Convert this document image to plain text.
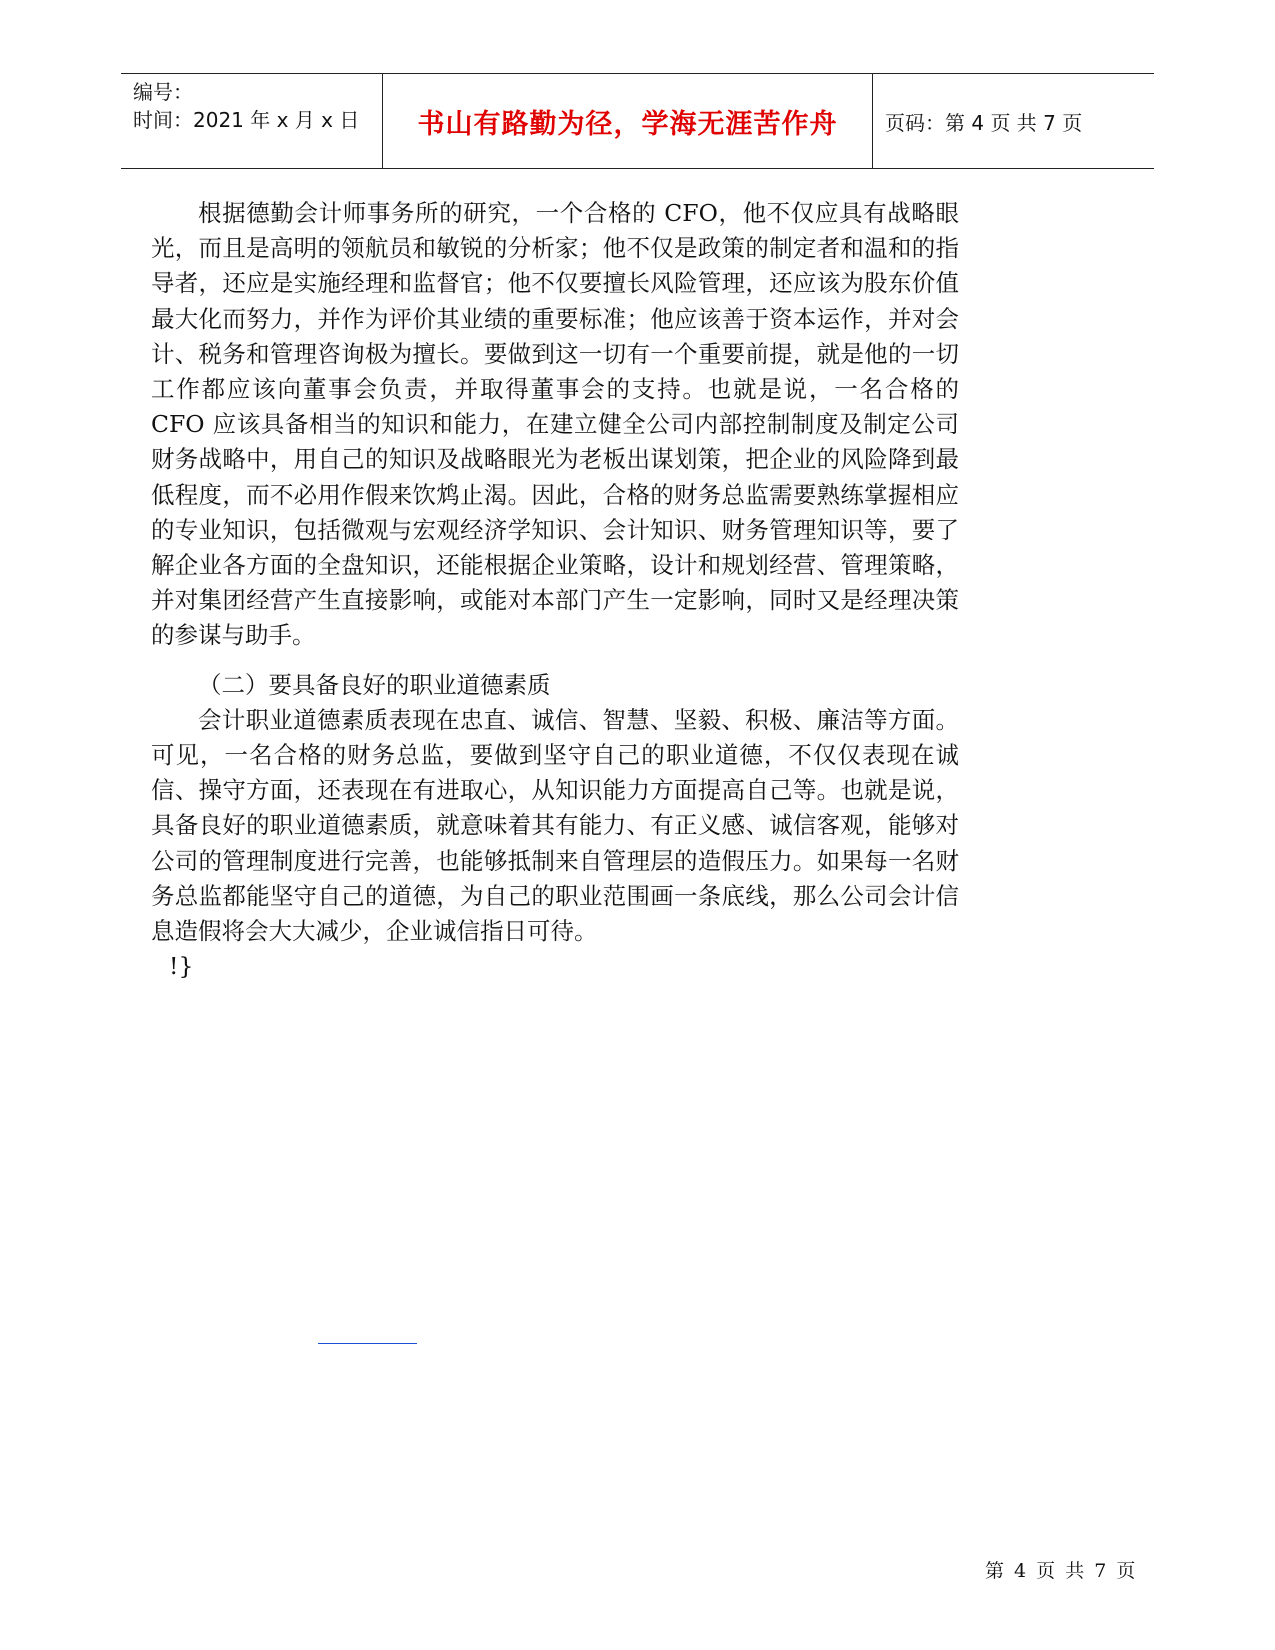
编号：
时间：2021 年 x 月 x 日	书山有路勤为径，学海无涯苦作舟 页码：第 4 页 共 7 页

根据德勤会计师事务所的研究，一个合格的 CFO，他不仅应具有战略眼光，而且是高明的领航员和敏锐的分析家；他不仅是政策的制定者和温和的指导者，还应是实施经理和监督官；他不仅要擅长风险管理，还应该为股东价值最大化而努力，并作为评价其业绩的重要标准；他应该善于资本运作，并对会计、税务和管理咨询极为擅长。要做到这一切有一个重要前提，就是他的一切工作都应该向董事会负责，并取得董事会的支持。也就是说，一名合格的 CFO 应该具备相当的知识和能力，在建立健全公司内部控制制度及制定公司财务战略中，用自己的知识及战略眼光为老板出谋划策，把企业的风险降到最低程度，而不必用作假来饮鸩止渴。因此，合格的财务总监需要熟练掌握相应的专业知识，包括微观与宏观经济学知识、会计知识、财务管理知识等，要了解企业各方面的全盘知识，还能根据企业策略，设计和规划经营、管理策略，并对集团经营产生直接影响，或能对本部门产生一定影响，同时又是经理决策的参谋与助手。

（二）要具备良好的职业道德素质

会计职业道德素质表现在忠直、诚信、智慧、坚毅、积极、廉洁等方面。可见，一名合格的财务总监，要做到坚守自己的职业道德，不仅仅表现在诚信、操守方面，还表现在有进取心，从知识能力方面提高自己等。也就是说，具备良好的职业道德素质，就意味着其有能力、有正义感、诚信客观，能够对公司的管理制度进行完善，也能够抵制来自管理层的造假压力。如果每一名财务总监都能坚守自己的道德，为自己的职业范围画一条底线，那么公司会计信息造假将会大大减少，企业诚信指日可待。

!}

第 4 页 共 7 页
